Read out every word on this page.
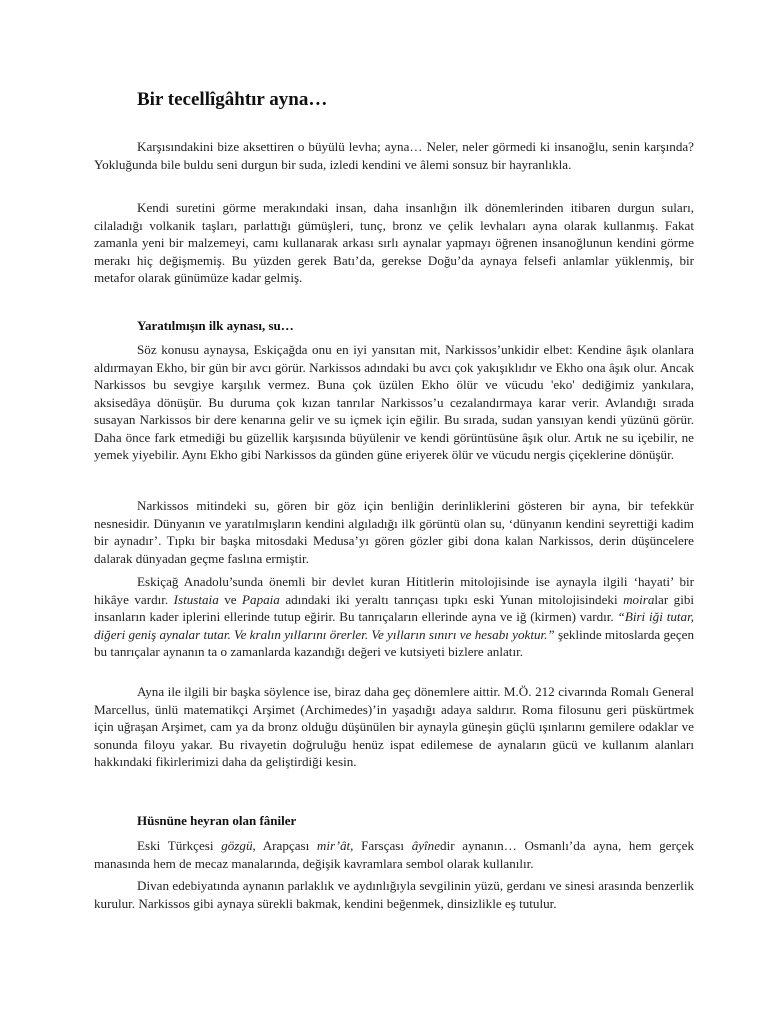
Bir tecellîgâhtır ayna…

Karşısındakini bize aksettiren o büyülü levha; ayna… Neler, neler görmedi ki insanoğlu, senin karşında? Yokluğunda bile buldu seni durgun bir suda, izledi kendini ve âlemi sonsuz bir hayranlıkla.

Kendi suretini görme merakındaki insan, daha insanlığın ilk dönemlerinden itibaren durgun suları, cilaladığı volkanik taşları, parlattığı gümüşleri, tunç, bronz ve çelik levhaları ayna olarak kullanmış. Fakat zamanla yeni bir malzemeyi, camı kullanarak arkası sırlı aynalar yapmayı öğrenen insanoğlunun kendini görme merakı hiç değişmemiş. Bu yüzden gerek Batı’da, gerekse Doğu’da aynaya felsefi anlamlar yüklenmiş, bir metafor olarak günümüze kadar gelmiş.

Yaratılmışın ilk aynası, su…

Söz konusu aynaysa, Eskiçağda onu en iyi yansıtan mit, Narkissos’unkidir elbet: Kendine âşık olanlara aldırmayan Ekho, bir gün bir avcı görür. Narkissos adındaki bu avcı çok yakışıklıdır ve Ekho ona âşık olur. Ancak Narkissos bu sevgiye karşılık vermez. Buna çok üzülen Ekho ölür ve vücudu 'eko' dediğimiz yankılara, aksisedâya dönüşür. Bu duruma çok kızan tanrılar Narkissos’u cezalandırmaya karar verir. Avlandığı sırada susayan Narkissos bir dere kenarına gelir ve su içmek için eğilir. Bu sırada, sudan yansıyan kendi yüzünü görür. Daha önce fark etmediği bu güzellik karşısında büyülenir ve kendi görüntüsüne âşık olur. Artık ne su içebilir, ne yemek yiyebilir. Aynı Ekho gibi Narkissos da günden güne eriyerek ölür ve vücudu nergis çiçeklerine dönüşür.

Narkissos mitindeki su, gören bir göz için benliğin derinliklerini gösteren bir ayna, bir tefekkür nesnesidir. Dünyanın ve yaratılmışların kendini algıladığı ilk görüntü olan su, ‘dünyanın kendini seyrettiği kadim bir aynadır’. Tıpkı bir başka mitosdaki Medusa’yı gören gözler gibi dona kalan Narkissos, derin düşüncelere dalarak dünyadan geçme faslına ermiştir.

Eskiçağ Anadolu’sunda önemli bir devlet kuran Hititlerin mitolojisinde ise aynayla ilgili ‘hayati’ bir hikâye vardır. Istustaia ve Papaia adındaki iki yeraltı tanrıçası tıpkı eski Yunan mitolojisindeki moiralar gibi insanların kader iplerini ellerinde tutup eğirir. Bu tanrıçaların ellerinde ayna ve iğ (kirmen) vardır. “Biri iği tutar, diğeri geniş aynalar tutar. Ve kralın yıllarını örerler. Ve yılların sınırı ve hesabı yoktur.” şeklinde mitoslarda geçen bu tanrıçalar aynanın ta o zamanlarda kazandığı değeri ve kutsiyeti bizlere anlatır.

Ayna ile ilgili bir başka söylence ise, biraz daha geç dönemlere aittir. M.Ö. 212 civarında Romalı General Marcellus, ünlü matematikçi Arşimet (Archimedes)’in yaşadığı adaya saldırır. Roma filosunu geri püskürtmek için uğraşan Arşimet, cam ya da bronz olduğu düşünülen bir aynayla güneşin güçlü ışınlarını gemilere odaklar ve sonunda filoyu yakar. Bu rivayetin doğruluğu henüz ispat edilemese de aynaların gücü ve kullanım alanları hakkındaki fikirlerimizi daha da geliştirdiği kesin.

Hüsnüne heyran olan fâniler

Eski Türkçesi gözgü, Arapçası mir’ât, Farsçası âyînedir aynanın… Osmanlı’da ayna, hem gerçek manasında hem de mecaz manalarında, değişik kavramlara sembol olarak kullanılır.

Divan edebiyatında aynanın parlaklık ve aydınlığıyla sevgilinin yüzü, gerdanı ve sinesi arasında benzerlik kurulur. Narkissos gibi aynaya sürekli bakmak, kendini beğenmek, dinsizlikle eş tutulur.
